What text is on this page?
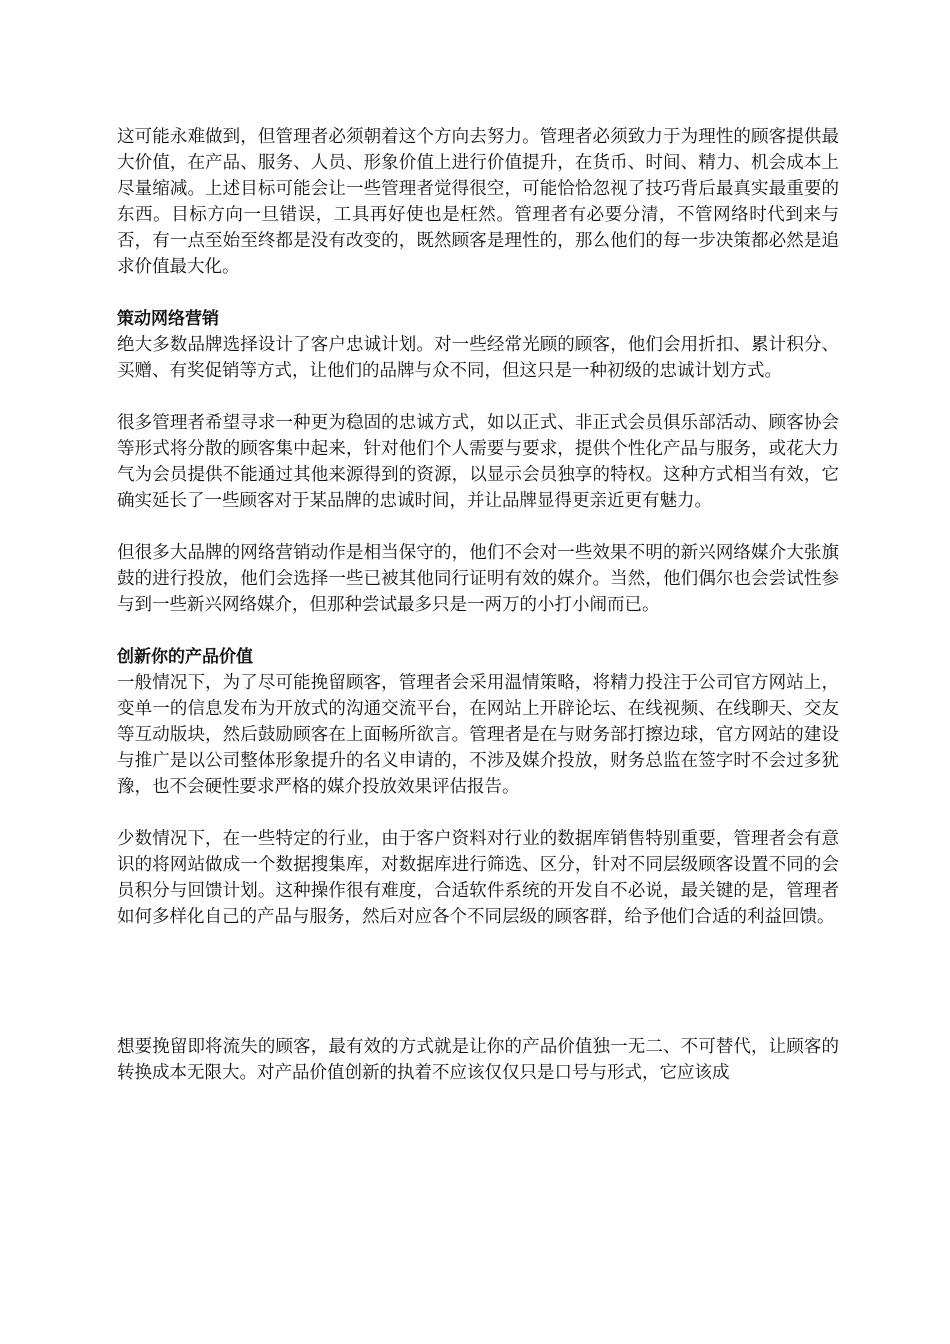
这可能永难做到，但管理者必须朝着这个方向去努力。管理者必须致力于为理性的顾客提供最大价值，在产品、服务、人员、形象价值上进行价值提升，在货币、时间、精力、机会成本上尽量缩减。上述目标可能会让一些管理者觉得很空，可能恰恰忽视了技巧背后最真实最重要的东西。目标方向一旦错误，工具再好使也是枉然。管理者有必要分清，不管网络时代到来与否，有一点至始至终都是没有改变的，既然顾客是理性的，那么他们的每一步决策都必然是追求价值最大化。

策动网络营销

绝大多数品牌选择设计了客户忠诚计划。对一些经常光顾的顾客，他们会用折扣、累计积分、买赠、有奖促销等方式，让他们的品牌与众不同，但这只是一种初级的忠诚计划方式。

很多管理者希望寻求一种更为稳固的忠诚方式，如以正式、非正式会员俱乐部活动、顾客协会等形式将分散的顾客集中起来，针对他们个人需要与要求，提供个性化产品与服务，或花大力气为会员提供不能通过其他来源得到的资源，以显示会员独享的特权。这种方式相当有效，它确实延长了一些顾客对于某品牌的忠诚时间，并让品牌显得更亲近更有魅力。

但很多大品牌的网络营销动作是相当保守的，他们不会对一些效果不明的新兴网络媒介大张旗鼓的进行投放，他们会选择一些已被其他同行证明有效的媒介。当然，他们偶尔也会尝试性参与到一些新兴网络媒介，但那种尝试最多只是一两万的小打小闹而已。

创新你的产品价值

一般情况下，为了尽可能挽留顾客，管理者会采用温情策略，将精力投注于公司官方网站上，变单一的信息发布为开放式的沟通交流平台，在网站上开辟论坛、在线视频、在线聊天、交友等互动版块，然后鼓励顾客在上面畅所欲言。管理者是在与财务部打擦边球，官方网站的建设与推广是以公司整体形象提升的名义申请的，不涉及媒介投放，财务总监在签字时不会过多犹豫，也不会硬性要求严格的媒介投放效果评估报告。

少数情况下，在一些特定的行业，由于客户资料对行业的数据库销售特别重要，管理者会有意识的将网站做成一个数据搜集库，对数据库进行筛选、区分，针对不同层级顾客设置不同的会员积分与回馈计划。这种操作很有难度，合适软件系统的开发自不必说，最关键的是，管理者如何多样化自己的产品与服务，然后对应各个不同层级的顾客群，给予他们合适的利益回馈。

想要挽留即将流失的顾客，最有效的方式就是让你的产品价值独一无二、不可替代，让顾客的转换成本无限大。对产品价值创新的执着不应该仅仅只是口号与形式，它应该成
